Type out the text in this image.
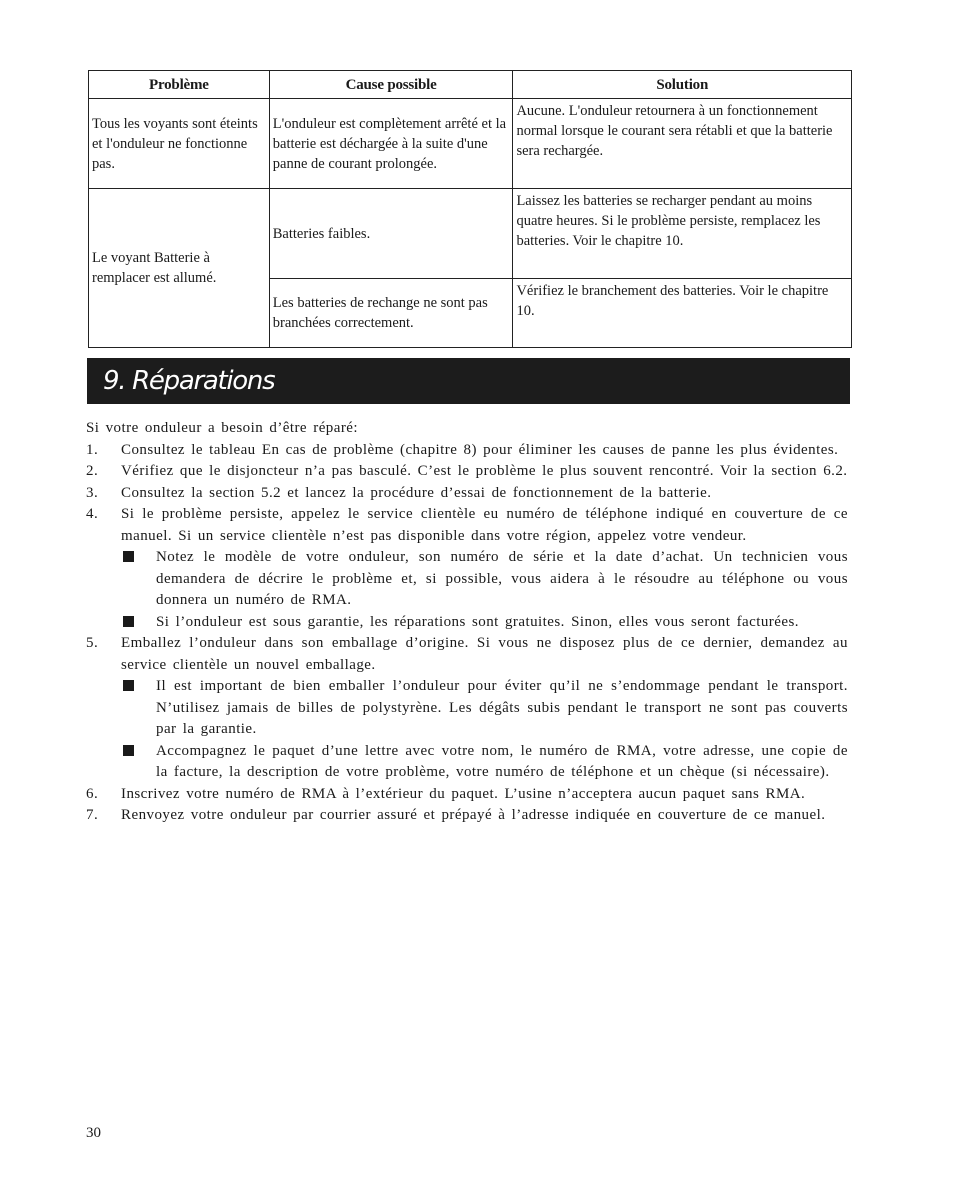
Problème	Cause possible	Solution
Tous les voyants sont éteints et l'onduleur ne fonctionne pas.	L'onduleur est complètement arrêté et la batterie est déchargée à la suite d'une panne de courant prolongée.	Aucune. L'onduleur retournera à un fonctionnement normal lorsque le courant sera rétabli et que la batterie sera rechargée.
Le voyant Batterie à remplacer est allumé.	Batteries faibles.	Laissez les batteries se recharger pendant au moins quatre heures. Si le problème persiste, remplacez les batteries. Voir le chapitre 10.
	Les batteries de rechange ne sont pas branchées correctement.	Vérifiez le branchement des batteries. Voir le chapitre 10.
9. Réparations

Si votre onduleur a besoin d’être réparé:

1. Consultez le tableau En cas de problème (chapitre 8) pour éliminer les causes de panne les plus évidentes.
2. Vérifiez que le disjoncteur n’a pas basculé. C’est le problème le plus souvent rencontré. Voir la section 6.2.
3. Consultez la section 5.2 et lancez la procédure d’essai de fonctionnement de la batterie.
4. Si le problème persiste, appelez le service clientèle eu numéro de téléphone indiqué en couverture de ce manuel. Si un service clientèle n’est pas disponible dans votre région, appelez votre vendeur.
Notez le modèle de votre onduleur, son numéro de série et la date d’achat. Un technicien vous demandera de décrire le problème et, si possible, vous aidera à le résoudre au téléphone ou vous donnera un numéro de RMA.
Si l’onduleur est sous garantie, les réparations sont gratuites. Sinon, elles vous seront facturées.
5. Emballez l’onduleur dans son emballage d’origine. Si vous ne disposez plus de ce dernier, demandez au service clientèle un nouvel emballage.
Il est important de bien emballer l’onduleur pour éviter qu’il ne s’endommage pendant le transport. N’utilisez jamais de billes de polystyrène. Les dégâts subis pendant le transport ne sont pas couverts par la garantie.
Accompagnez le paquet d’une lettre avec votre nom, le numéro de RMA, votre adresse, une copie de la facture, la description de votre problème, votre numéro de téléphone et un chèque (si nécessaire).
6. Inscrivez votre numéro de RMA à l’extérieur du paquet. L’usine n’acceptera aucun paquet sans RMA.
7. Renvoyez votre onduleur par courrier assuré et prépayé à l’adresse indiquée en couverture de ce manuel.
30
